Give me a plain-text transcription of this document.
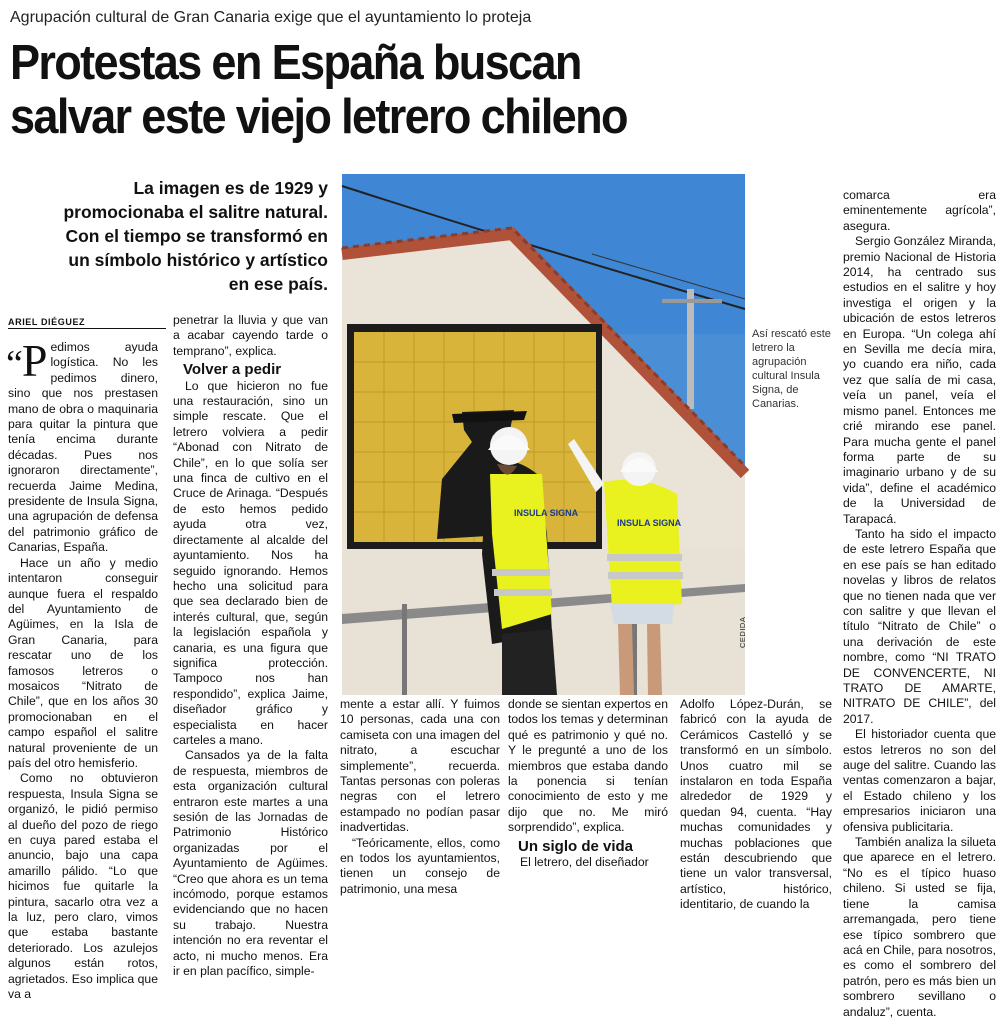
Agrupación cultural de Gran Canaria exige que el ayuntamiento lo proteja
Protestas en España buscan
salvar este viejo letrero chileno
La imagen es de 1929 y
promocionaba el salitre natural.
Con el tiempo se transformó en
un símbolo histórico y artístico
en ese país.
ARIEL DIÉGUEZ
“P edimos ayuda logística. No les pedimos dinero, sino que nos prestasen mano de obra o maquinaria para quitar la pintura que tenía encima durante décadas. Pues nos ignoraron directamente”, recuerda Jaime Medina, presidente de Insula Signa, una agrupación de defensa del patrimonio gráfico de Canarias, España.

Hace un año y medio intentaron conseguir aunque fuera el respaldo del Ayuntamiento de Agüimes, en la Isla de Gran Canaria, para rescatar uno de los famosos letreros o mosaicos “Nitrato de Chile”, que en los años 30 promocionaban en el campo español el salitre natural proveniente de un país del otro hemisferio.

Como no obtuvieron respuesta, Insula Signa se organizó, le pidió permiso al dueño del pozo de riego en cuya pared estaba el anuncio, bajo una capa amarillo pálido. “Lo que hicimos fue quitarle la pintura, sacarlo otra vez a la luz, pero claro, vimos que estaba bastante deteriorado. Los azulejos algunos están rotos, agrietados. Eso implica que va a

penetrar la lluvia y que van a acabar cayendo tarde o temprano”, explica.

Volver a pedir

Lo que hicieron no fue una restauración, sino un simple rescate. Que el letrero volviera a pedir “Abonad con Nitrato de Chile”, en lo que solía ser una finca de cultivo en el Cruce de Arinaga. “Después de esto hemos pedido ayuda otra vez, directamente al alcalde del ayuntamiento. Nos ha seguido ignorando. Hemos hecho una solicitud para que sea declarado bien de interés cultural, que, según la legislación española y canaria, es una figura que significa protección. Tampoco nos han respondido”, explica Jaime, diseñador gráfico y especialista en hacer carteles a mano.

Cansados ya de la falta de respuesta, miembros de esta organización cultural entraron este martes a una sesión de las Jornadas de Patrimonio Histórico organizadas por el Ayuntamiento de Agüimes. “Creo que ahora es un tema incómodo, porque estamos evidenciando que no hacen su trabajo. Nuestra intención no era reventar el acto, ni mucho menos. Era ir en plan pacífico, simple-

INSULA SIGNA
INSULA SIGNA
CEDIDA
Así rescató este letrero la agrupación cultural Insula Signa, de Canarias.

mente a estar allí. Y fuimos 10 personas, cada una con camiseta con una imagen del nitrato, a escuchar simplemente”, recuerda. Tantas personas con poleras negras con el letrero estampado no podían pasar inadvertidas.

“Teóricamente, ellos, como en todos los ayuntamientos, tienen un consejo de patrimonio, una mesa

donde se sientan expertos en todos los temas y determinan qué es patrimonio y qué no. Y le pregunté a uno de los miembros que estaba dando la ponencia si tenían conocimiento de esto y me dijo que no. Me miró sorprendido”, explica.

Un siglo de vida

El letrero, del diseñador

Adolfo López-Durán, se fabricó con la ayuda de Cerámicos Castelló y se transformó en un símbolo. Unos cuatro mil se instalaron en toda España alrededor de 1929 y quedan 94, cuenta. “Hay muchas comunidades y muchas poblaciones que están descubriendo que tiene un valor transversal, artístico, histórico, identitario, de cuando la

comarca era eminentemente agrícola”, asegura.

Sergio González Miranda, premio Nacional de Historia 2014, ha centrado sus estudios en el salitre y hoy investiga el origen y la ubicación de estos letreros en Europa. “Un colega ahí en Sevilla me decía mira, yo cuando era niño, cada vez que salía de mi casa, veía un panel, veía el mismo panel. Entonces me crié mirando ese panel. Para mucha gente el panel forma parte de su imaginario urbano y de su vida”, define el académico de la Universidad de Tarapacá.

Tanto ha sido el impacto de este letrero España que en ese país se han editado novelas y libros de relatos que no tienen nada que ver con salitre y que llevan el título “Nitrato de Chile” o una derivación de este nombre, como “NI TRATO DE CONVENCERTE, NI TRATO DE AMARTE, NITRATO DE CHILE”, del 2017.

El historiador cuenta que estos letreros no son del auge del salitre. Cuando las ventas comenzaron a bajar, el Estado chileno y los empresarios iniciaron una ofensiva publicitaria.

También analiza la silueta que aparece en el letrero. “No es el típico huaso chileno. Si usted se fija, tiene la camisa arremangada, pero tiene ese típico sombrero que acá en Chile, para nosotros, es como el sombrero del patrón, pero es más bien un sombrero sevillano o andaluz”, cuenta.
